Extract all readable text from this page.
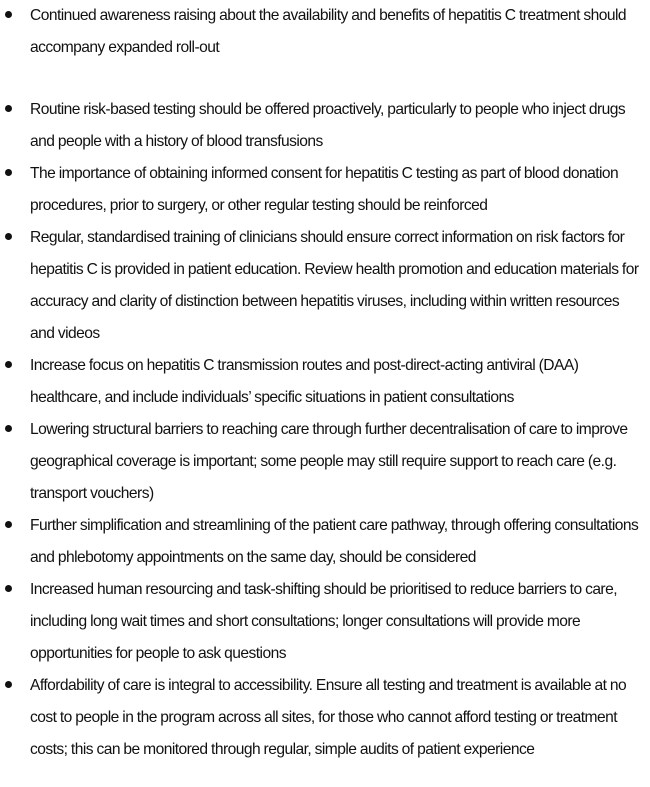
Continued awareness raising about the availability and benefits of hepatitis C treatment should accompany expanded roll-out
Routine risk-based testing should be offered proactively, particularly to people who inject drugs and people with a history of blood transfusions
The importance of obtaining informed consent for hepatitis C testing as part of blood donation procedures, prior to surgery, or other regular testing should be reinforced
Regular, standardised training of clinicians should ensure correct information on risk factors for hepatitis C is provided in patient education. Review health promotion and education materials for accuracy and clarity of distinction between hepatitis viruses, including within written resources and videos
Increase focus on hepatitis C transmission routes and post-direct-acting antiviral (DAA) healthcare, and include individuals’ specific situations in patient consultations
Lowering structural barriers to reaching care through further decentralisation of care to improve geographical coverage is important; some people may still require support to reach care (e.g. transport vouchers)
Further simplification and streamlining of the patient care pathway, through offering consultations and phlebotomy appointments on the same day, should be considered
Increased human resourcing and task-shifting should be prioritised to reduce barriers to care, including long wait times and short consultations; longer consultations will provide more opportunities for people to ask questions
Affordability of care is integral to accessibility. Ensure all testing and treatment is available at no cost to people in the program across all sites, for those who cannot afford testing or treatment costs; this can be monitored through regular, simple audits of patient experience
